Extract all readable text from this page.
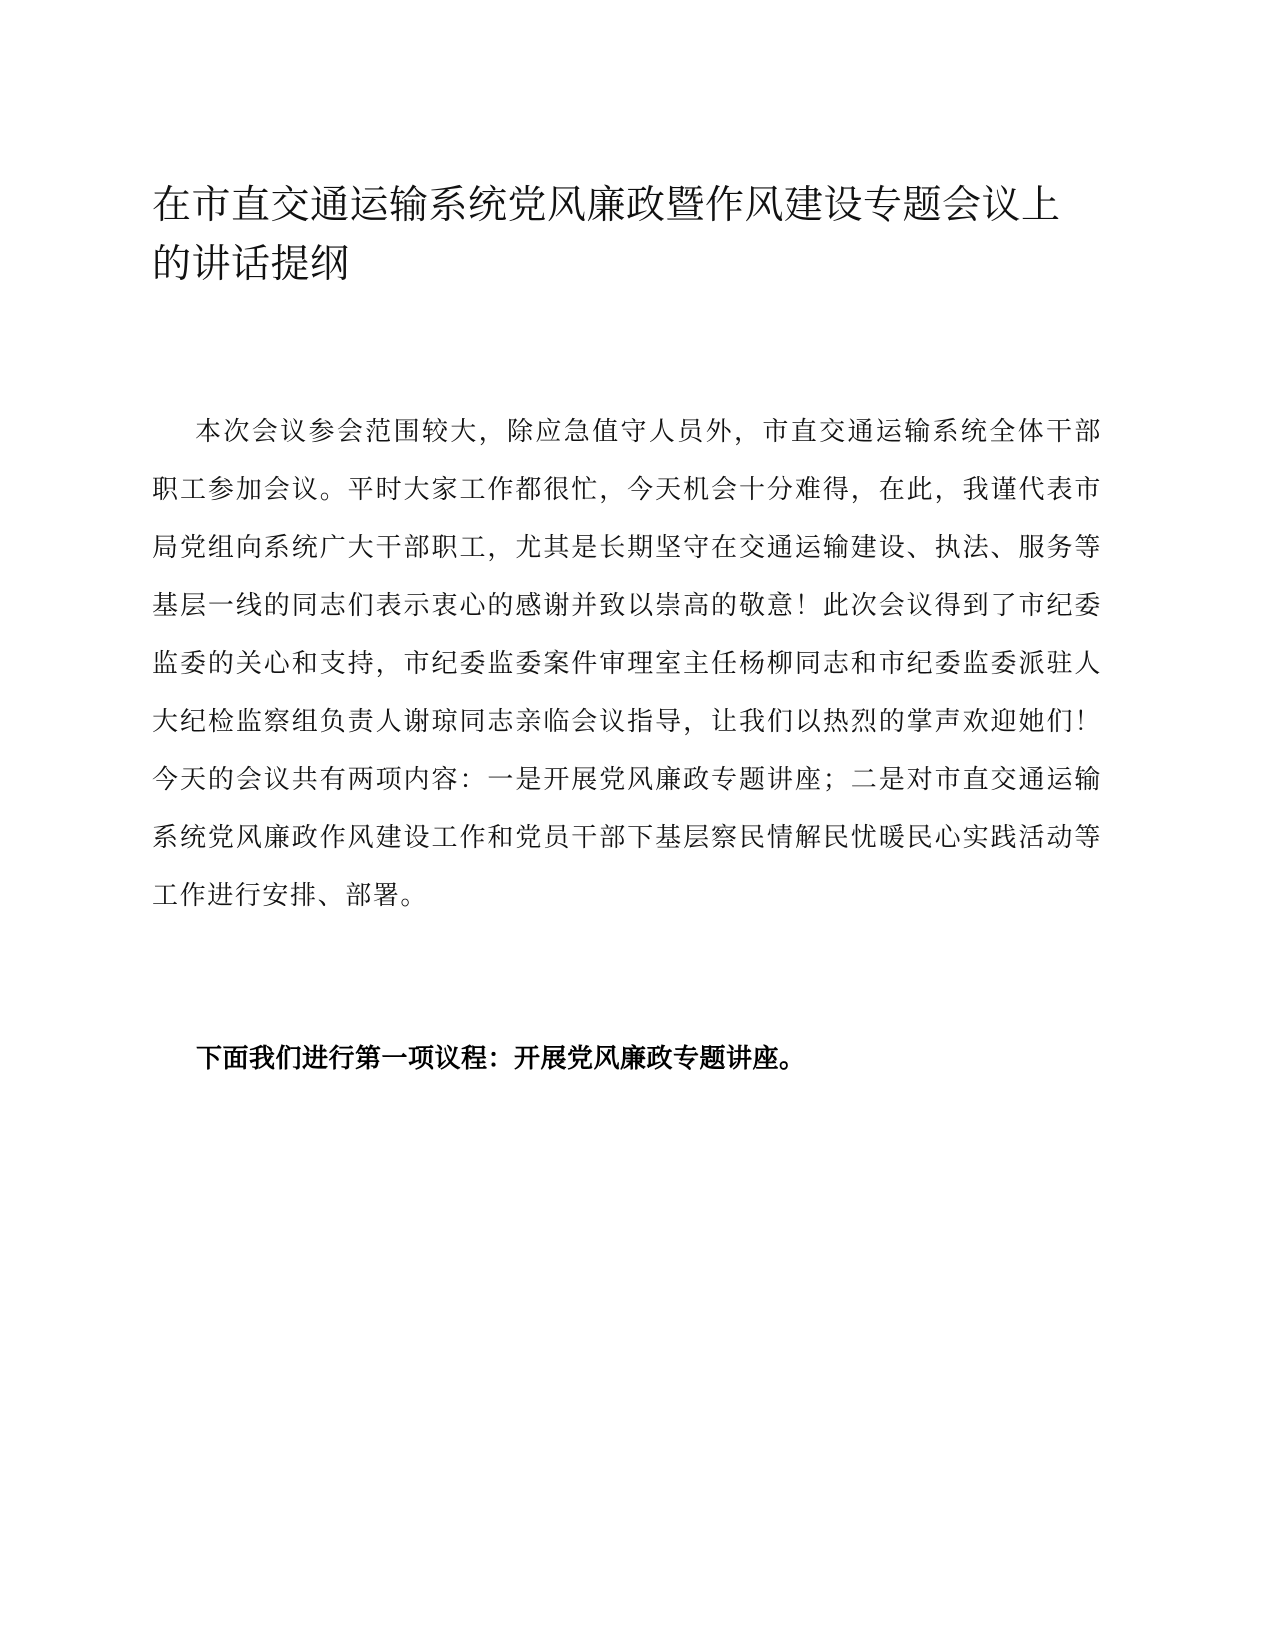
在市直交通运输系统党风廉政暨作风建设专题会议上的讲话提纲

本次会议参会范围较大，除应急值守人员外，市直交通运输系统全体干部职工参加会议。平时大家工作都很忙，今天机会十分难得，在此，我谨代表市局党组向系统广大干部职工，尤其是长期坚守在交通运输建设、执法、服务等基层一线的同志们表示衷心的感谢并致以崇高的敬意！此次会议得到了市纪委监委的关心和支持，市纪委监委案件审理室主任杨柳同志和市纪委监委派驻人大纪检监察组负责人谢琼同志亲临会议指导，让我们以热烈的掌声欢迎她们！今天的会议共有两项内容：一是开展党风廉政专题讲座；二是对市直交通运输系统党风廉政作风建设工作和党员干部下基层察民情解民忧暖民心实践活动等工作进行安排、部署。

下面我们进行第一项议程：开展党风廉政专题讲座。
